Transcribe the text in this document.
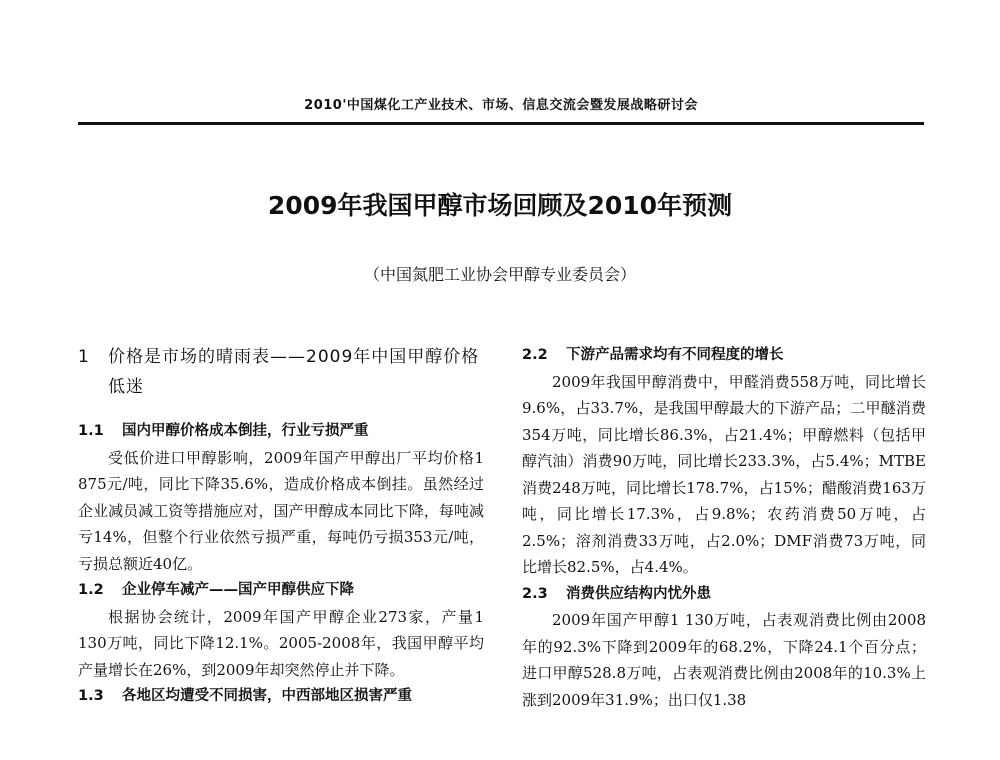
2010'中国煤化工产业技术、市场、信息交流会暨发展战略研讨会
2009年我国甲醇市场回顾及2010年预测
（中国氮肥工业协会甲醇专业委员会）
1	价格是市场的晴雨表——2009年中国甲醇价格低迷
1.1	国内甲醇价格成本倒挂，行业亏损严重

受低价进口甲醇影响，2009年国产甲醇出厂平均价格1 875元/吨，同比下降35.6%，造成价格成本倒挂。虽然经过企业减员减工资等措施应对，国产甲醇成本同比下降，每吨减亏14%，但整个行业依然亏损严重，每吨仍亏损353元/吨，亏损总额近40亿。

1.2	企业停车减产——国产甲醇供应下降

根据协会统计，2009年国产甲醇企业273家，产量1 130万吨，同比下降12.1%。2005-2008年，我国甲醇平均产量增长在26%，到2009年却突然停止并下降。

1.3	各地区均遭受不同损害，中西部地区损害严重
2.2	下游产品需求均有不同程度的增长

2009年我国甲醇消费中，甲醛消费558万吨，同比增长9.6%，占33.7%，是我国甲醇最大的下游产品；二甲醚消费354万吨，同比增长86.3%，占21.4%；甲醇燃料（包括甲醇汽油）消费90万吨，同比增长233.3%，占5.4%；MTBE消费248万吨，同比增长178.7%，占15%；醋酸消费163万吨，同比增长17.3%，占9.8%；农药消费50万吨，占2.5%；溶剂消费33万吨，占2.0%；DMF消费73万吨，同比增长82.5%，占4.4%。

2.3	消费供应结构内忧外患

2009年国产甲醇1 130万吨，占表观消费比例由2008年的92.3%下降到2009年的68.2%，下降24.1个百分点；进口甲醇528.8万吨，占表观消费比例由2008年的10.3%上涨到2009年31.9%；出口仅1.38
